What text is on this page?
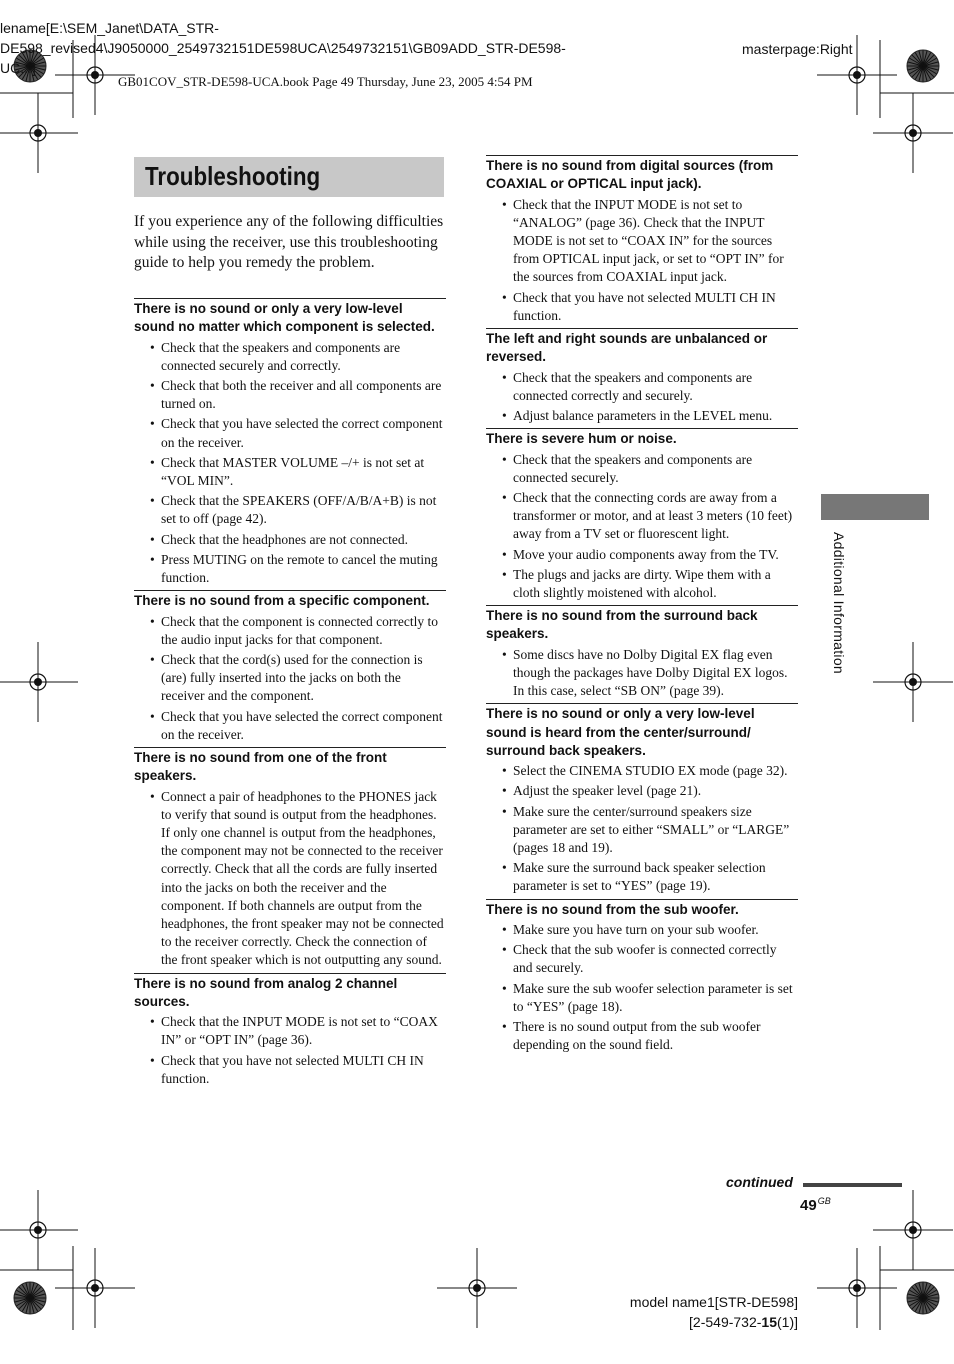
lename[E:\SEM_Janet\DATA_STR-
DE598_revised4\J9050000_2549732151DE598UCA\2549732151\GB09ADD_STR-DE598-
UC...]
masterpage:Right
GB01COV_STR-DE598-UCA.book Page 49 Thursday, June 23, 2005 4:54 PM
Troubleshooting
If you experience any of the following difficulties while using the receiver, use this troubleshooting guide to help you remedy the problem.
There is no sound or only a very low-level sound no matter which component is selected.
• Check that the speakers and components are connected securely and correctly.
• Check that both the receiver and all components are turned on.
• Check that you have selected the correct component on the receiver.
• Check that MASTER VOLUME –/+ is not set at “VOL MIN”.
• Check that the SPEAKERS (OFF/A/B/A+B) is not set to off (page 42).
• Check that the headphones are not connected.
• Press MUTING on the remote to cancel the muting function.
There is no sound from a specific component.
• Check that the component is connected correctly to the audio input jacks for that component.
• Check that the cord(s) used for the connection is (are) fully inserted into the jacks on both the receiver and the component.
• Check that you have selected the correct component on the receiver.
There is no sound from one of the front speakers.
• Connect a pair of headphones to the PHONES jack to verify that sound is output from the headphones. If only one channel is output from the headphones, the component may not be connected to the receiver correctly. Check that all the cords are fully inserted into the jacks on both the receiver and the component. If both channels are output from the headphones, the front speaker may not be connected to the receiver correctly. Check the connection of the front speaker which is not outputting any sound.
There is no sound from analog 2 channel sources.
• Check that the INPUT MODE is not set to “COAX IN” or “OPT IN” (page 36).
• Check that you have not selected MULTI CH IN function.
There is no sound from digital sources (from COAXIAL or OPTICAL input jack).
• Check that the INPUT MODE is not set to “ANALOG” (page 36). Check that the INPUT MODE is not set to “COAX IN” for the sources from OPTICAL input jack, or set to “OPT IN” for the sources from COAXIAL input jack.
• Check that you have not selected MULTI CH IN function.
The left and right sounds are unbalanced or reversed.
• Check that the speakers and components are connected correctly and securely.
• Adjust balance parameters in the LEVEL menu.
There is severe hum or noise.
• Check that the speakers and components are connected securely.
• Check that the connecting cords are away from a transformer or motor, and at least 3 meters (10 feet) away from a TV set or fluorescent light.
• Move your audio components away from the TV.
• The plugs and jacks are dirty. Wipe them with a cloth slightly moistened with alcohol.
There is no sound from the surround back speakers.
• Some discs have no Dolby Digital EX flag even though the packages have Dolby Digital EX logos. In this case, select “SB ON” (page 39).
There is no sound or only a very low-level sound is heard from the center/surround/ surround back speakers.
• Select the CINEMA STUDIO EX mode (page 32).
• Adjust the speaker level (page 21).
• Make sure the center/surround speakers size parameter are set to either “SMALL” or “LARGE” (pages 18 and 19).
• Make sure the surround back speaker selection parameter is set to “YES” (page 19).
There is no sound from the sub woofer.
• Make sure you have turn on your sub woofer.
• Check that the sub woofer is connected correctly and securely.
• Make sure the sub woofer selection parameter is set to “YES” (page 18).
• There is no sound output from the sub woofer depending on the sound field.
Additional Information
continued
$49^{GB}$
model name1[STR-DE598]
[2-549-732-15(1)]
